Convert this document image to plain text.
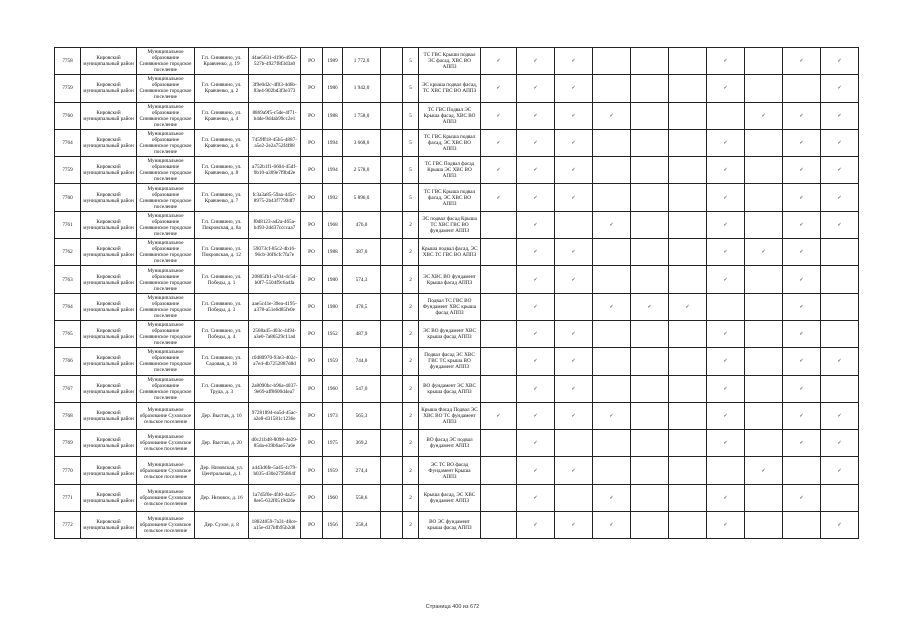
7758	Кировский муниципальный район	Муниципальное образование Синявинское городское поселение	Г.п. Синявино, ул. Кравченко, д. 19	44ae5631-d196-4952-527b-4927f8f3d3a0	РО	1989	1 772,0		5	ТС ГВС Крыши подвал ЭС фасад, ХВС ВО АППЗ	✓	✓	✓				✓		✓	✓
7759	Кировский муниципальный район	Муниципальное образование Синявинское городское поселение	Г.п. Синявино, ул. Кравченко, д. 2	3f9e0d2c-4f03-4d6b-83e4-902bd3f3e373	РО	1986	1 942,0		5	ЭС крыша подвал фасад, ТС ХВС ГВС ВО АППЗ	✓	✓	✓				✓			✓
7760	Кировский муниципальный район	Муниципальное образование Синявинское городское поселение	Г.п. Синявино, ул. Кравченко, д. 4	8869a9f5-c5de-4f71-b4de-9d4ab99cc2e1	РО	1988	1 758,0		5	ТС ГВС Подвал ЭС Крыша фасад, ХВС ВО АППЗ	✓	✓	✓	✓				✓	✓	✓
7764	Кировский муниципальный район	Муниципальное образование Синявинское городское поселение	Г.п. Синявино, ул. Кравченко, д. 6	7459ff18-45b5-4887-a5e2-2e2a752f4f88	РО	1994	3 668,0		5	ТС ГВС Крыша подвал фасад, ЭС ХВС ВО АППЗ	✓	✓	✓				✓		✓	✓
7759	Кировский муниципальный район	Муниципальное образование Синявинское городское поселение	Г.п. Синявино, ул. Кравченко, д. 8	a752b1f1-6604-45df-9b10-a309e7f9bd2e	РО	1994	2 578,0		5	ТС ГВС Подвал фасад Крыша ЭС ХВС ВО АППЗ	✓	✓	✓				✓		✓	✓
7760	Кировский муниципальный район	Муниципальное образование Синявинское городское поселение	Г.п. Синявино, ул. Кравченко, д. 7	fc3a3a85-59aa-445c-8975-2b43f77994f7	РО	1992	5 896,0		5	ТС ГВС Крыша подвал фасад, ЭС ХВС ВО АППЗ	✓	✓	✓				✓		✓	✓
7761	Кировский муниципальный район	Муниципальное образование Синявинское городское поселение	Г.п. Синявино, ул. Покровская, д. 8а	f0d8123-ad2a-465a-b493-2dd37ccccaa7	РО	1968	476,0		2	ЭС подвал фасад Крыша ТС ХВС ГВС ВО фундамент АППЗ		✓		✓			✓		✓	✓
7762	Кировский муниципальный район	Муниципальное образование Синявинское городское поселение	Г.п. Синявино, ул. Покровская, д. 12	59073cf-85c2-4b16-96cb-36f6cfc7fa7e	РО	1988	387,0		2	Крыша подвал фасад, ЭС ХВС ТС ГВС ВО АППЗ		✓	✓				✓	✓	✓	
7763	Кировский муниципальный район	Муниципальное образование Синявинское городское поселение	Г.п. Синявино, ул. Победы, д. 1	20805fb1-a704-4c5d-b0f7-5504f9c6a4fa	РО	1980	574,3		2	ЭС ХВС ВО фундамент Крыша фасад АППЗ		✓	✓				✓		✓	
7764	Кировский муниципальный район	Муниципальное образование Синявинское городское поселение	Г.п. Синявино, ул. Победы, д. 3	aae5c41e-39ea-4195-a378-a51e6d85fe0e	РО	1980	478,5		2	Подвал ТС ГВС ВО Фундамент ХВС крыша фасад АППЗ		✓		✓	✓	✓			✓	
7765	Кировский муниципальный район	Муниципальное образование Синявинское городское поселение	Г.п. Синявино, ул. Победы, д. 4	2568a45-403c-4494-a3e0-7a86529c11ad	РО	1952	487,9		2	ЭС ВО фундамент ХВС крыша фасад АППЗ		✓	✓				✓		✓	
7766	Кировский муниципальный район	Муниципальное образование Синявинское городское поселение	Г.п. Синявино, ул. Садовая, д. 16	c0480970-93e3-402c-a7e4-4b7252887d8d	РО	1959	744,0		2	Подвал фасад ЭС ХВС ГВС ТС крыша ВО фундамент АППЗ		✓	✓				✓		✓	✓
7767	Кировский муниципальный район	Муниципальное образование Синявинское городское поселение	Г.п. Синявино, ул. Труда, д. 3	2a8090bc-b96a-4037-9e69-aff8600d4ea7	РО	1960	547,0		2	ВО фундамент ЭС ХВС крыша фасад АППЗ		✓	✓				✓		✓	
7768	Кировский муниципальный район	Муниципальное образование Суховское сельское поселение	Дер. Выстав, д. 16	97281894-ea5d-45ac-a2e8-d31581c1236e	РО	1973	565,3		2	Крыша Фасад Подвал ЭС ХВС ВО ТС фундамент АППЗ	✓	✓	✓	✓			✓		✓	✓
7769	Кировский муниципальный район	Муниципальное образование Суховское сельское поселение	Дер. Выстав, д. 20	d0c21b48-8098-4e29-85da-e39b6ae57a6e	РО	1975	369,2		2	ВО фасад ЭС подвал фундамент АППЗ		✓					✓		✓	✓
7770	Кировский муниципальный район	Муниципальное образование Суховское сельское поселение	Дер. Низовская, ул. Центральная, д. 1	a443d6fe-5a45-4c79-b035-430e2795864f	РО	1959	274,4		2	ЭС ТС ВО фасад Фундамент Крыша АППЗ		✓	✓					✓		✓
7771	Кировский муниципальный район	Муниципальное образование Суховское сельское поселение	Дер. Низовск, д. 16	1a7d5f0e-4f40-4a25-8ee5-632f0519d26e	РО	1960	558,6		2	Крыша фасад, ЭС ХВС фундамент АППЗ		✓		✓			✓		✓	
7772	Кировский муниципальный район	Муниципальное образование Суховское сельское поселение	Дер. Сухое, д. 8	18024059-7a31-48ce-a15e-d37bfb95b2d8	РО	1956	258,4		2	ВО ЭС фундамент крыша фасад АППЗ		✓	✓	✓			✓			✓
Страница 400 из 672
